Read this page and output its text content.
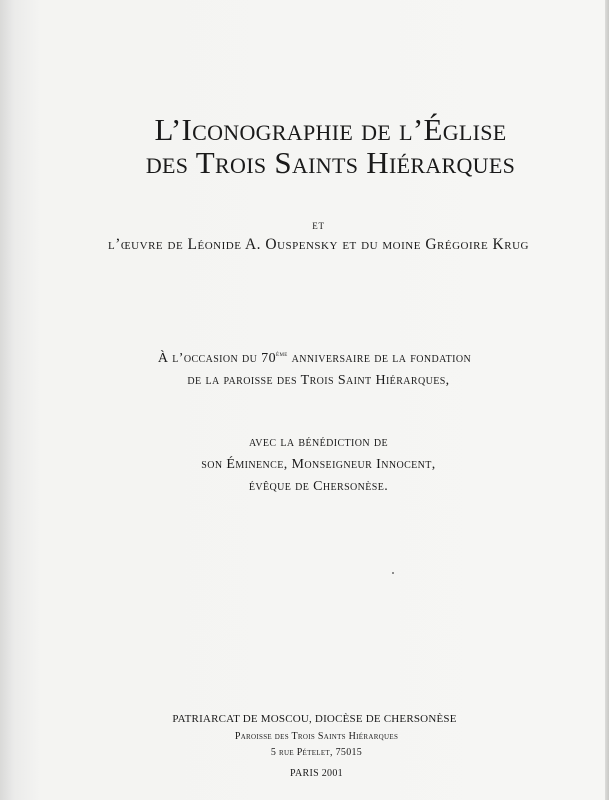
L’Iconographie de l’Église
des Trois Saints Hiérarques
et
l’œuvre de Léonide A. Ouspensky et du moine Grégoire Krug
À l’occasion du 70ème anniversaire de la fondation
de la paroisse des Trois Saint Hiérarques,
avec la bénédiction de
son Éminence, Monseigneur Innocent,
évêque de Chersonèse.
PATRIARCAT DE MOSCOU, DIOCÈSE DE CHERSONÈSE
Paroisse des Trois Saints Hiérarques
5 rue Pételet, 75015
PARIS 2001
